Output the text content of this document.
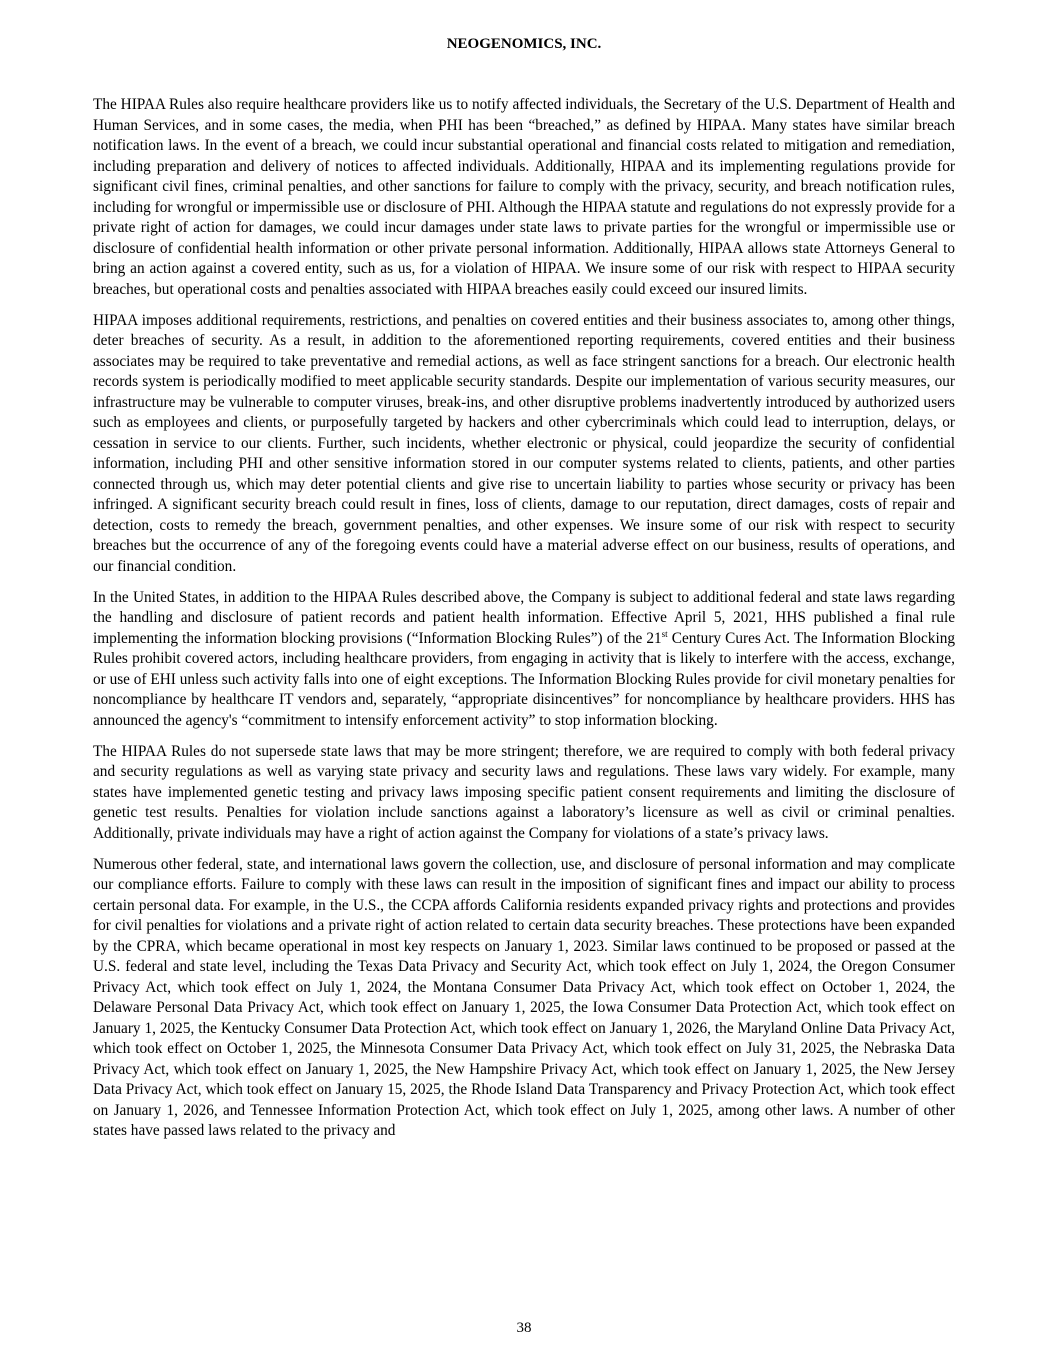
NEOGENOMICS, INC.

The HIPAA Rules also require healthcare providers like us to notify affected individuals, the Secretary of the U.S. Department of Health and Human Services, and in some cases, the media, when PHI has been “breached,” as defined by HIPAA. Many states have similar breach notification laws. In the event of a breach, we could incur substantial operational and financial costs related to mitigation and remediation, including preparation and delivery of notices to affected individuals. Additionally, HIPAA and its implementing regulations provide for significant civil fines, criminal penalties, and other sanctions for failure to comply with the privacy, security, and breach notification rules, including for wrongful or impermissible use or disclosure of PHI. Although the HIPAA statute and regulations do not expressly provide for a private right of action for damages, we could incur damages under state laws to private parties for the wrongful or impermissible use or disclosure of confidential health information or other private personal information. Additionally, HIPAA allows state Attorneys General to bring an action against a covered entity, such as us, for a violation of HIPAA. We insure some of our risk with respect to HIPAA security breaches, but operational costs and penalties associated with HIPAA breaches easily could exceed our insured limits.

HIPAA imposes additional requirements, restrictions, and penalties on covered entities and their business associates to, among other things, deter breaches of security. As a result, in addition to the aforementioned reporting requirements, covered entities and their business associates may be required to take preventative and remedial actions, as well as face stringent sanctions for a breach. Our electronic health records system is periodically modified to meet applicable security standards. Despite our implementation of various security measures, our infrastructure may be vulnerable to computer viruses, break-ins, and other disruptive problems inadvertently introduced by authorized users such as employees and clients, or purposefully targeted by hackers and other cybercriminals which could lead to interruption, delays, or cessation in service to our clients. Further, such incidents, whether electronic or physical, could jeopardize the security of confidential information, including PHI and other sensitive information stored in our computer systems related to clients, patients, and other parties connected through us, which may deter potential clients and give rise to uncertain liability to parties whose security or privacy has been infringed. A significant security breach could result in fines, loss of clients, damage to our reputation, direct damages, costs of repair and detection, costs to remedy the breach, government penalties, and other expenses. We insure some of our risk with respect to security breaches but the occurrence of any of the foregoing events could have a material adverse effect on our business, results of operations, and our financial condition.

In the United States, in addition to the HIPAA Rules described above, the Company is subject to additional federal and state laws regarding the handling and disclosure of patient records and patient health information. Effective April 5, 2021, HHS published a final rule implementing the information blocking provisions (“Information Blocking Rules”) of the 21st Century Cures Act. The Information Blocking Rules prohibit covered actors, including healthcare providers, from engaging in activity that is likely to interfere with the access, exchange, or use of EHI unless such activity falls into one of eight exceptions. The Information Blocking Rules provide for civil monetary penalties for noncompliance by healthcare IT vendors and, separately, “appropriate disincentives” for noncompliance by healthcare providers. HHS has announced the agency's “commitment to intensify enforcement activity” to stop information blocking.

The HIPAA Rules do not supersede state laws that may be more stringent; therefore, we are required to comply with both federal privacy and security regulations as well as varying state privacy and security laws and regulations. These laws vary widely. For example, many states have implemented genetic testing and privacy laws imposing specific patient consent requirements and limiting the disclosure of genetic test results. Penalties for violation include sanctions against a laboratory’s licensure as well as civil or criminal penalties. Additionally, private individuals may have a right of action against the Company for violations of a state’s privacy laws.

Numerous other federal, state, and international laws govern the collection, use, and disclosure of personal information and may complicate our compliance efforts. Failure to comply with these laws can result in the imposition of significant fines and impact our ability to process certain personal data. For example, in the U.S., the CCPA affords California residents expanded privacy rights and protections and provides for civil penalties for violations and a private right of action related to certain data security breaches. These protections have been expanded by the CPRA, which became operational in most key respects on January 1, 2023. Similar laws continued to be proposed or passed at the U.S. federal and state level, including the Texas Data Privacy and Security Act, which took effect on July 1, 2024, the Oregon Consumer Privacy Act, which took effect on July 1, 2024, the Montana Consumer Data Privacy Act, which took effect on October 1, 2024, the Delaware Personal Data Privacy Act, which took effect on January 1, 2025, the Iowa Consumer Data Protection Act, which took effect on January 1, 2025, the Kentucky Consumer Data Protection Act, which took effect on January 1, 2026, the Maryland Online Data Privacy Act, which took effect on October 1, 2025, the Minnesota Consumer Data Privacy Act, which took effect on July 31, 2025, the Nebraska Data Privacy Act, which took effect on January 1, 2025, the New Hampshire Privacy Act, which took effect on January 1, 2025, the New Jersey Data Privacy Act, which took effect on January 15, 2025, the Rhode Island Data Transparency and Privacy Protection Act, which took effect on January 1, 2026, and Tennessee Information Protection Act, which took effect on July 1, 2025, among other laws. A number of other states have passed laws related to the privacy and

38
